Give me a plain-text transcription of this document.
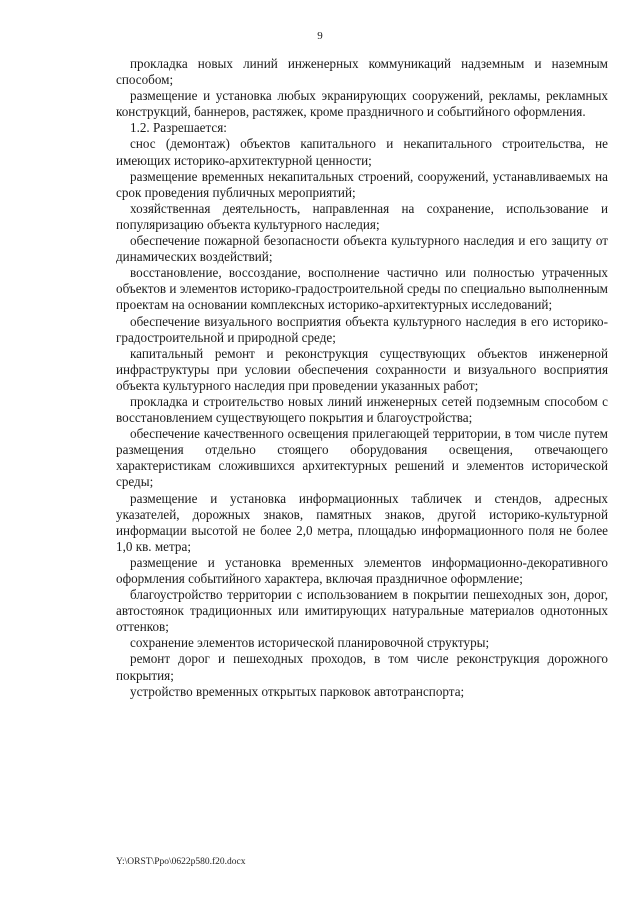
9

прокладка новых линий инженерных коммуникаций надземным и наземным способом;

размещение и установка любых экранирующих сооружений, рекламы, рекламных конструкций, баннеров, растяжек, кроме праздничного и событийного оформления.

1.2. Разрешается:

снос (демонтаж) объектов капитального и некапитального строительства, не имеющих историко-архитектурной ценности;

размещение временных некапитальных строений, сооружений, устанавливаемых на срок проведения публичных мероприятий;

хозяйственная деятельность, направленная на сохранение, использование и популяризацию объекта культурного наследия;

обеспечение пожарной безопасности объекта культурного наследия и его защиту от динамических воздействий;

восстановление, воссоздание, восполнение частично или полностью утраченных объектов и элементов историко-градостроительной среды по специально выполненным проектам на основании комплексных историко-архитектурных исследований;

обеспечение визуального восприятия объекта культурного наследия в его историко-градостроительной и природной среде;

капитальный ремонт и реконструкция существующих объектов инженерной инфраструктуры при условии обеспечения сохранности и визуального восприятия объекта культурного наследия при проведении указанных работ;

прокладка и строительство новых линий инженерных сетей подземным способом с восстановлением существующего покрытия и благоустройства;

обеспечение качественного освещения прилегающей территории, в том числе путем размещения отдельно стоящего оборудования освещения, отвечающего характеристикам сложившихся архитектурных решений и элементов исторической среды;

размещение и установка информационных табличек и стендов, адресных указателей, дорожных знаков, памятных знаков, другой историко-культурной информации высотой не более 2,0 метра, площадью информационного поля не более 1,0 кв. метра;

размещение и установка временных элементов информационно-декоративного оформления событийного характера, включая праздничное оформление;

благоустройство территории с использованием в покрытии пешеходных зон, дорог, автостоянок традиционных или имитирующих натуральные материалов однотонных оттенков;

сохранение элементов исторической планировочной структуры;

ремонт дорог и пешеходных проходов, в том числе реконструкция дорожного покрытия;

устройство временных открытых парковок автотранспорта;

Y:\ORST\Ppo\0622p580.f20.docx
